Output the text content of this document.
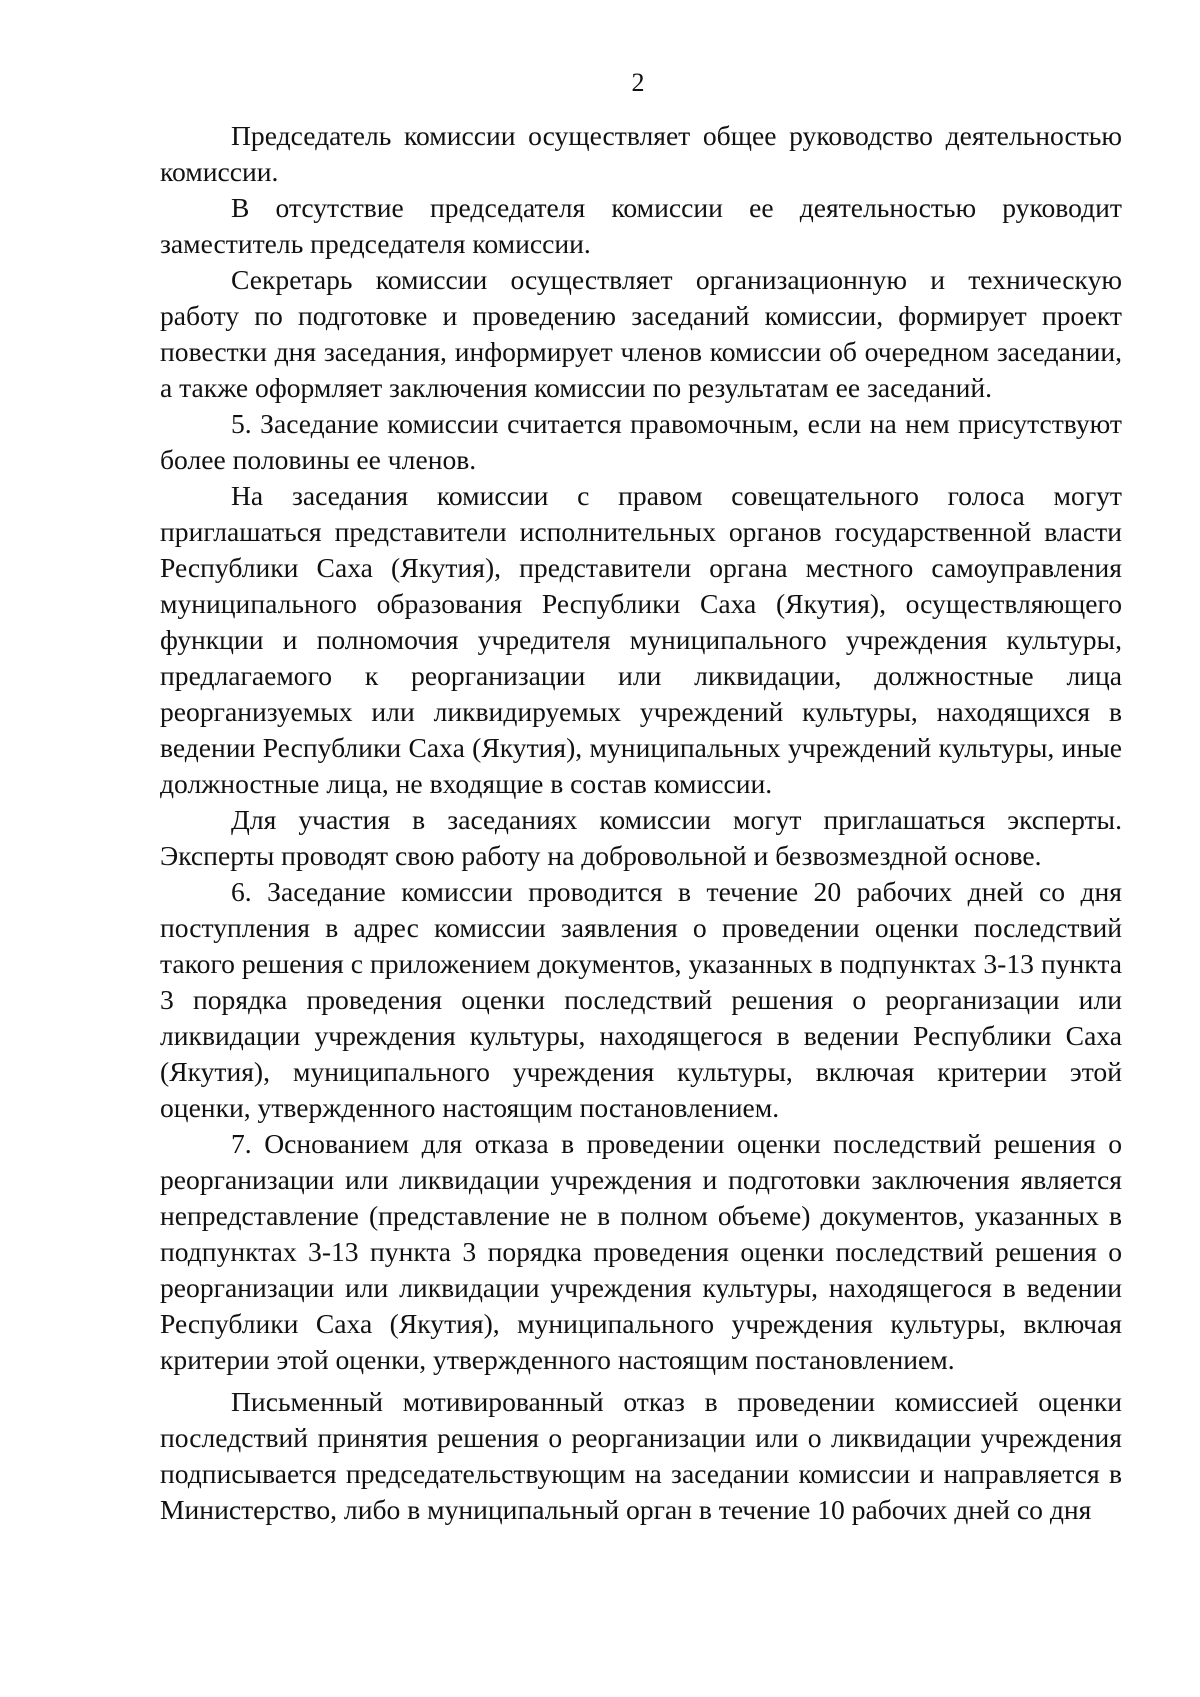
2

Председатель комиссии осуществляет общее руководство деятельностью комиссии.

В отсутствие председателя комиссии ее деятельностью руководит заместитель председателя комиссии.

Секретарь комиссии осуществляет организационную и техническую работу по подготовке и проведению заседаний комиссии, формирует проект повестки дня заседания, информирует членов комиссии об очередном заседании, а также оформляет заключения комиссии по результатам ее заседаний.

5. Заседание комиссии считается правомочным, если на нем присутствуют более половины ее членов.

На заседания комиссии с правом совещательного голоса могут приглашаться представители исполнительных органов государственной власти Республики Саха (Якутия), представители органа местного самоуправления муниципального образования Республики Саха (Якутия), осуществляющего функции и полномочия учредителя муниципального учреждения культуры, предлагаемого к реорганизации или ликвидации, должностные лица реорганизуемых или ликвидируемых учреждений культуры, находящихся в ведении Республики Саха (Якутия), муниципальных учреждений культуры, иные должностные лица, не входящие в состав комиссии.

Для участия в заседаниях комиссии могут приглашаться эксперты. Эксперты проводят свою работу на добровольной и безвозмездной основе.

6. Заседание комиссии проводится в течение 20 рабочих дней со дня поступления в адрес комиссии заявления о проведении оценки последствий такого решения с приложением документов, указанных в подпунктах 3-13 пункта 3 порядка проведения оценки последствий решения о реорганизации или ликвидации учреждения культуры, находящегося в ведении Республики Саха (Якутия), муниципального учреждения культуры, включая критерии этой оценки, утвержденного настоящим постановлением.

7. Основанием для отказа в проведении оценки последствий решения о реорганизации или ликвидации учреждения и подготовки заключения является непредставление (представление не в полном объеме) документов, указанных в подпунктах 3-13 пункта 3 порядка проведения оценки последствий решения о реорганизации или ликвидации учреждения культуры, находящегося в ведении Республики Саха (Якутия), муниципального учреждения культуры, включая критерии этой оценки, утвержденного настоящим постановлением.

Письменный мотивированный отказ в проведении комиссией оценки последствий принятия решения о реорганизации или о ликвидации учреждения подписывается председательствующим на заседании комиссии и направляется в Министерство, либо в муниципальный орган в течение 10 рабочих дней со дня
